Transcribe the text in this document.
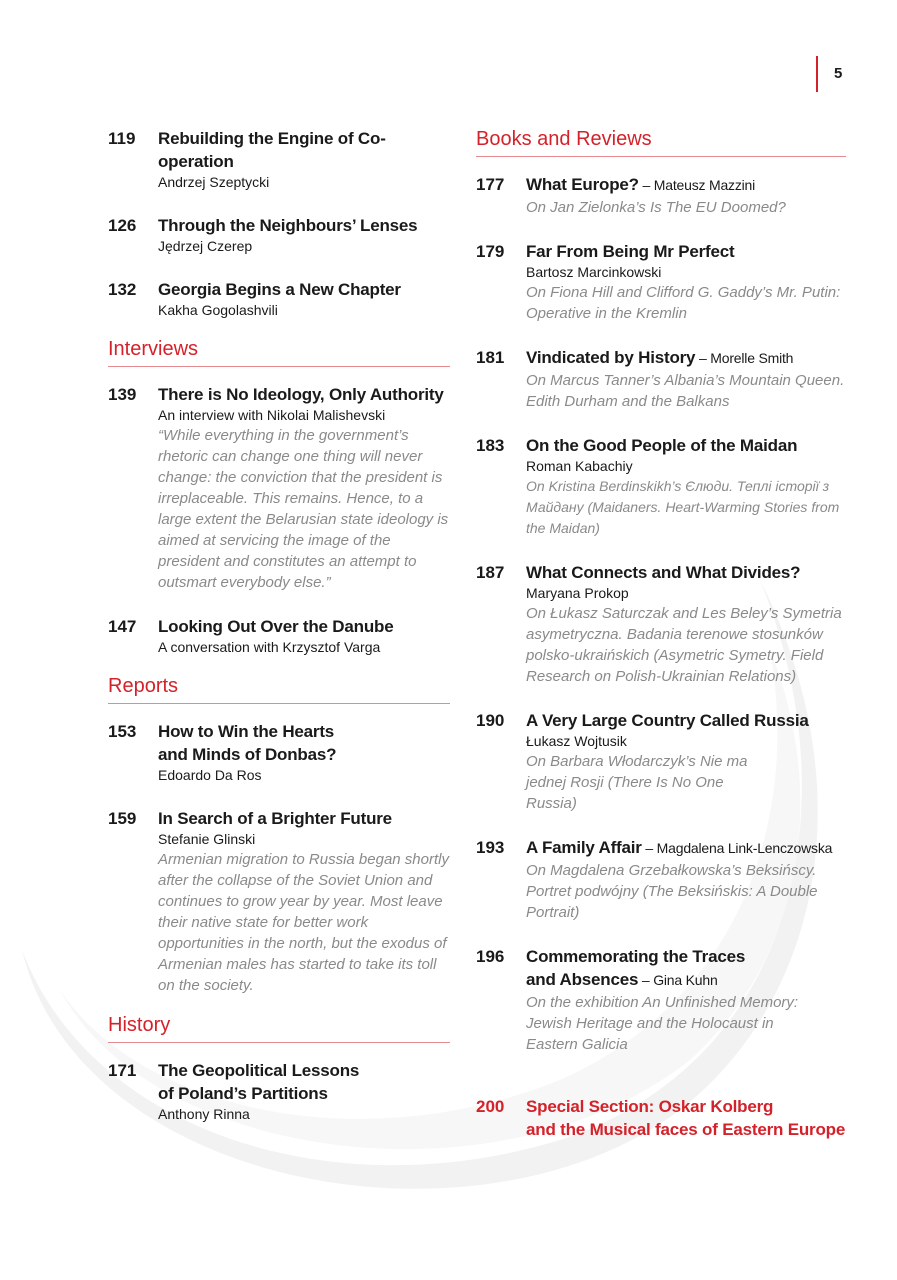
5
119	Rebuilding the Engine of Co-operation
Andrzej Szeptycki
126	Through the Neighbours’ Lenses
Jędrzej Czerep
132	Georgia Begins a New Chapter
Kakha Gogolashvili
Interviews
139	There is No Ideology, Only Authority
An interview with Nikolai Malishevski
“While everything in the government’s rhetoric can change one thing will never change: the conviction that the president is irreplaceable. This remains. Hence, to a large extent the Belarusian state ideology is aimed at servicing the image of the president and constitutes an attempt to outsmart everybody else.”
147	Looking Out Over the Danube
A conversation with Krzysztof Varga
Reports
153	How to Win the Hearts
and Minds of Donbas?
Edoardo Da Ros
159	In Search of a Brighter Future
Stefanie Glinski
Armenian migration to Russia began shortly after the collapse of the Soviet Union and continues to grow year by year. Most leave their native state for better work opportunities in the north, but the exodus of Armenian males has started to take its toll on the society.
History
171	The Geopolitical Lessons
of Poland’s Partitions
Anthony Rinna
Books and Reviews
177	What Europe? – Mateusz Mazzini
On Jan Zielonka’s Is The EU Doomed?
179	Far From Being Mr Perfect
Bartosz Marcinkowski
On Fiona Hill and Clifford G. Gaddy’s Mr. Putin: Operative in the Kremlin
181	Vindicated by History – Morelle Smith
On Marcus Tanner’s Albania’s Mountain Queen. Edith Durham and the Balkans
183	On the Good People of the Maidan
Roman Kabachiy
On Kristina Berdinskikh’s Єлюди. Теплі історії з Майдану (Maidaners. Heart-Warming Stories from the Maidan)
187	What Connects and What Divides?
Maryana Prokop
On Łukasz Saturczak and Les Beley’s Symetria asymetryczna. Badania terenowe stosunków polsko-ukraińskich (Asymetric Symetry. Field Research on Polish-Ukrainian Relations)
190	A Very Large Country Called Russia
Łukasz Wojtusik
On Barbara Włodarczyk’s Nie ma jednej Rosji (There Is No One Russia)
193	A Family Affair – Magdalena Link-Lenczowska
On Magdalena Grzebałkowska’s Beksińscy. Portret podwójny (The Beksińskis: A Double Portrait)
196	Commemorating the Traces
and Absences – Gina Kuhn
On the exhibition An Unfinished Memory: Jewish Heritage and the Holocaust in Eastern Galicia
200	Special Section: Oskar Kolberg
and the Musical faces of Eastern Europe
